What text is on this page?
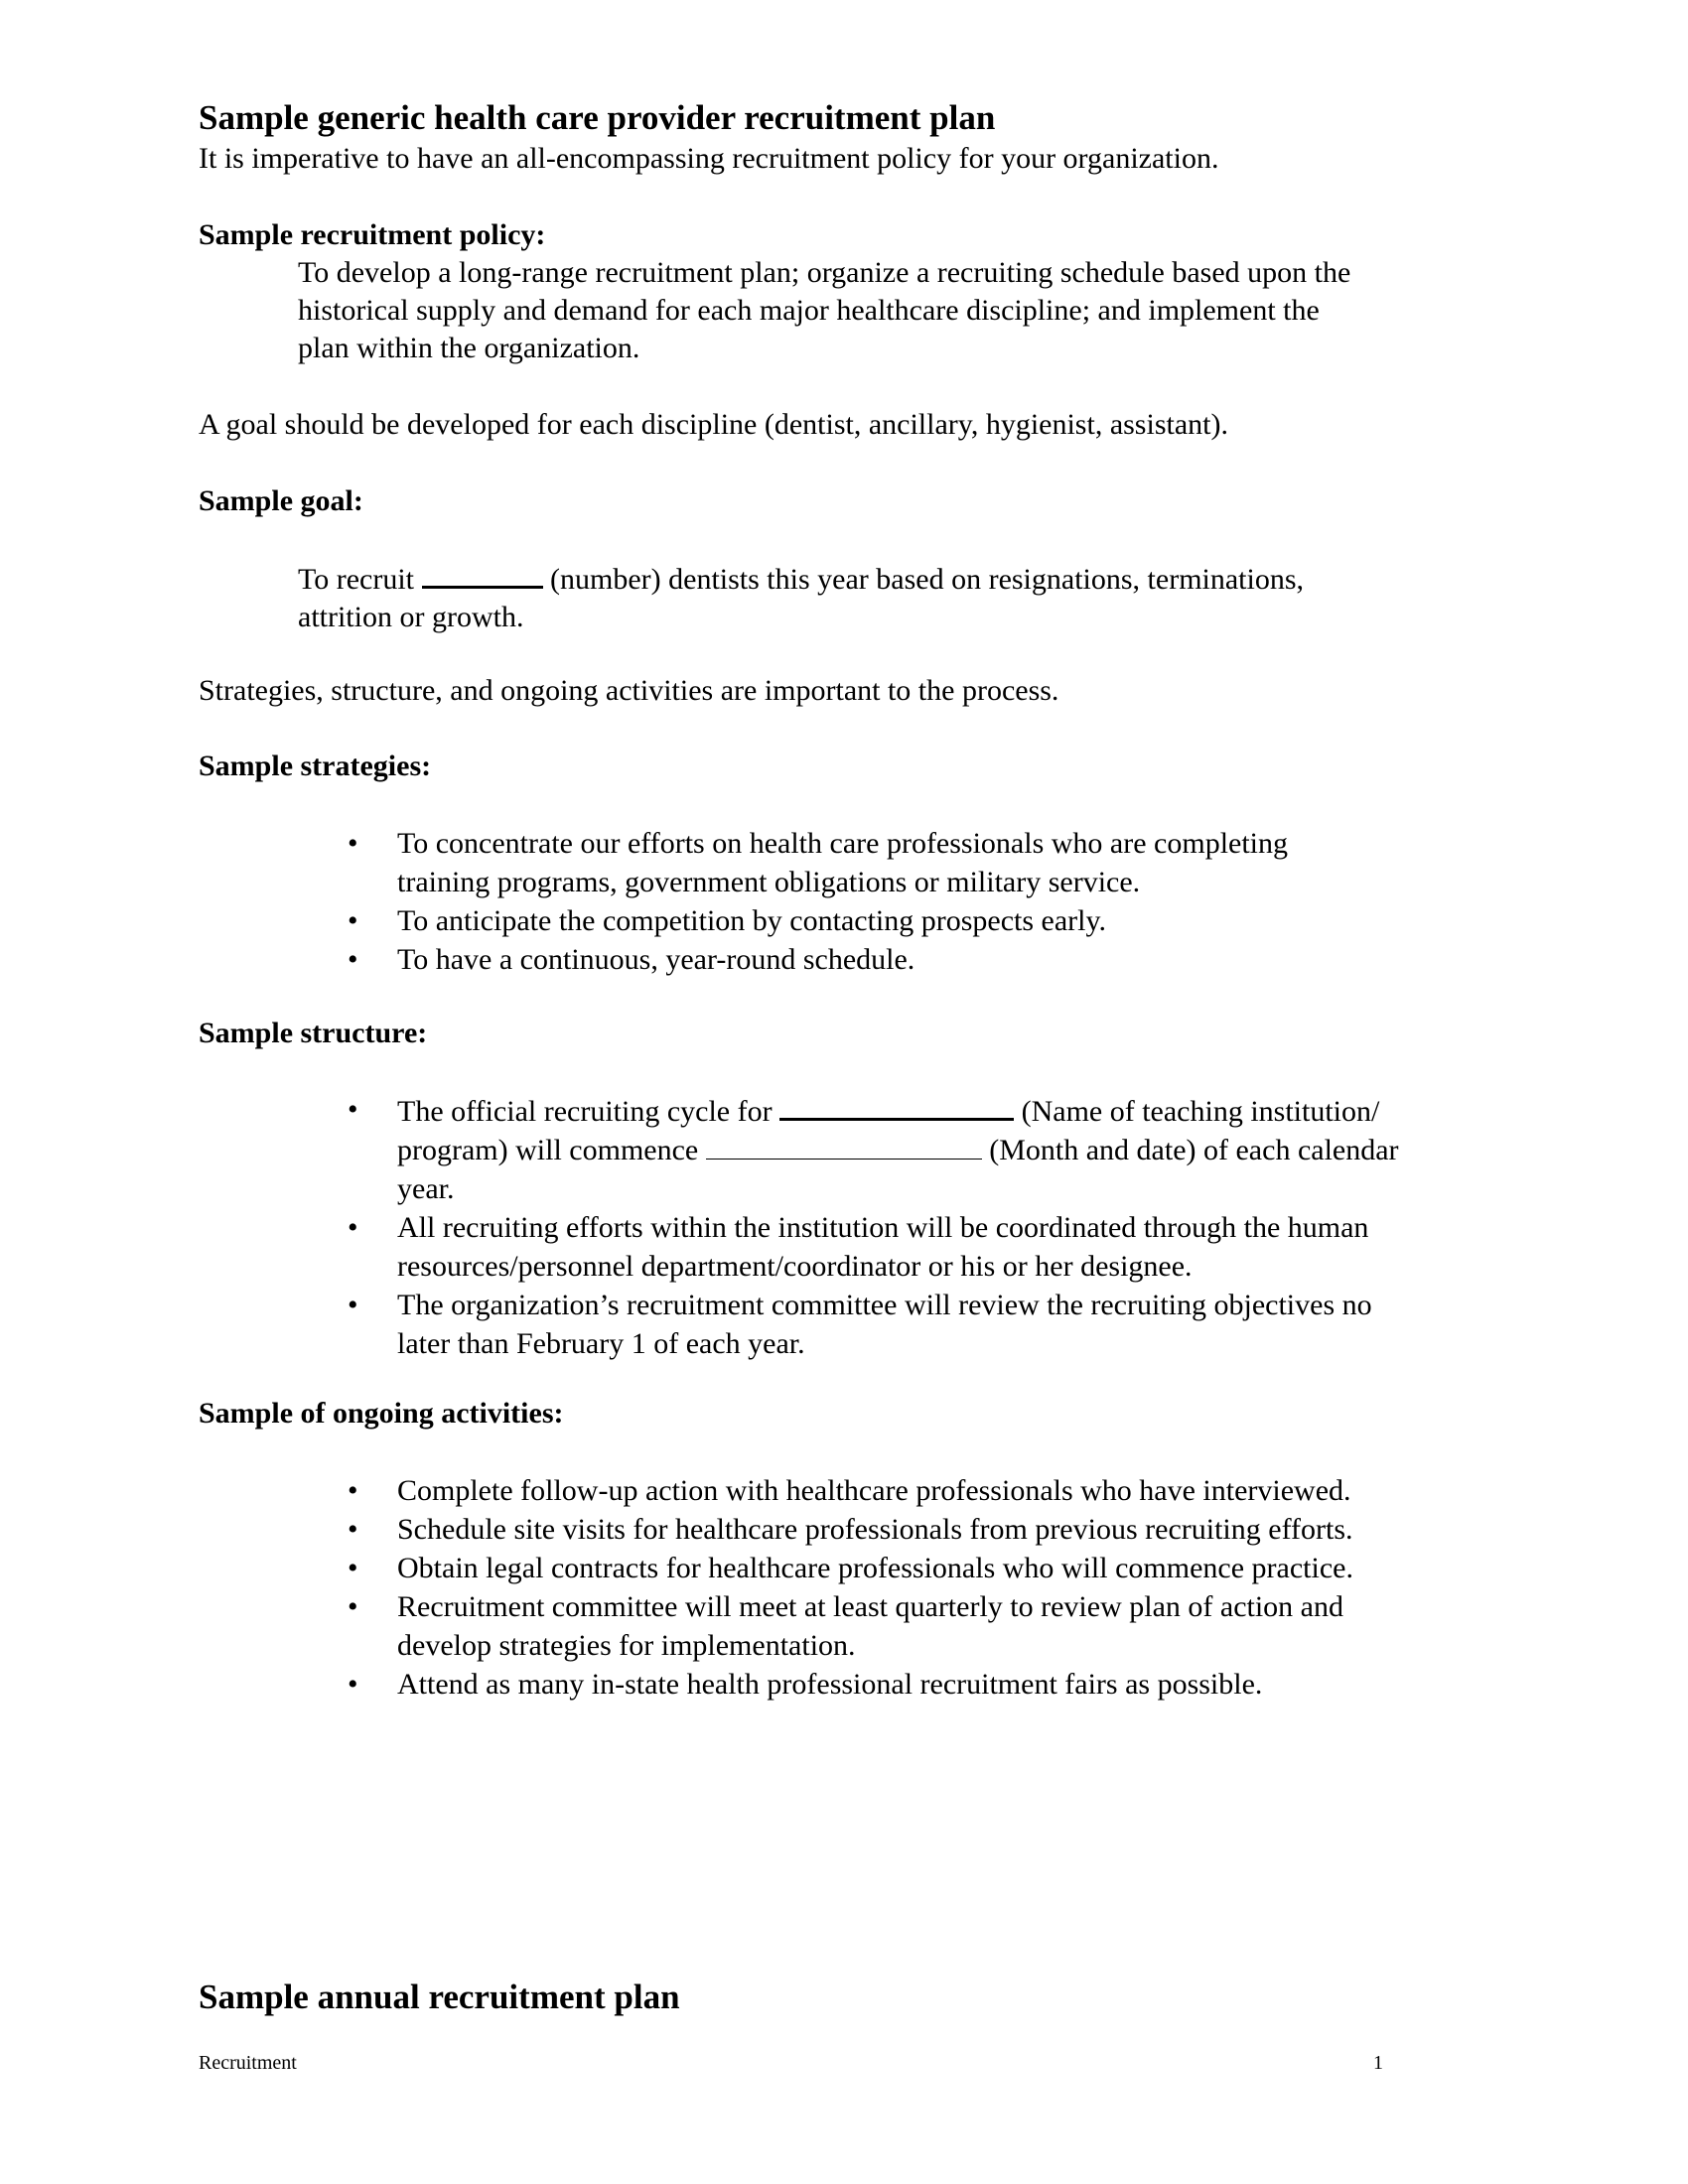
Sample generic health care provider recruitment plan

It is imperative to have an all-encompassing recruitment policy for your organization.

Sample recruitment policy:

To develop a long-range recruitment plan; organize a recruiting schedule based upon the
historical supply and demand for each major healthcare discipline; and implement the
plan within the organization.

A goal should be developed for each discipline (dentist, ancillary, hygienist, assistant).

Sample goal:

To recruit	(number) dentists this year based on resignations, terminations,
attrition or growth.

Strategies, structure, and ongoing activities are important to the process.

Sample strategies:

• To concentrate our efforts on health care professionals who are completing
training programs, government obligations or military service.
• To anticipate the competition by contacting prospects early.
• To have a continuous, year-round schedule.

Sample structure:

• The official recruiting cycle for	(Name of teaching institution/
program) will commence	(Month and date) of each calendar
year.
• All recruiting efforts within the institution will be coordinated through the human
resources/personnel department/coordinator or his or her designee.
• The organization’s recruitment committee will review the recruiting objectives no
later than February 1 of each year.

Sample of ongoing activities:

• Complete follow-up action with healthcare professionals who have interviewed.
• Schedule site visits for healthcare professionals from previous recruiting efforts.
• Obtain legal contracts for healthcare professionals who will commence practice.
• Recruitment committee will meet at least quarterly to review plan of action and
develop strategies for implementation.
• Attend as many in-state health professional recruitment fairs as possible.
Sample annual recruitment plan
Recruitment	1
